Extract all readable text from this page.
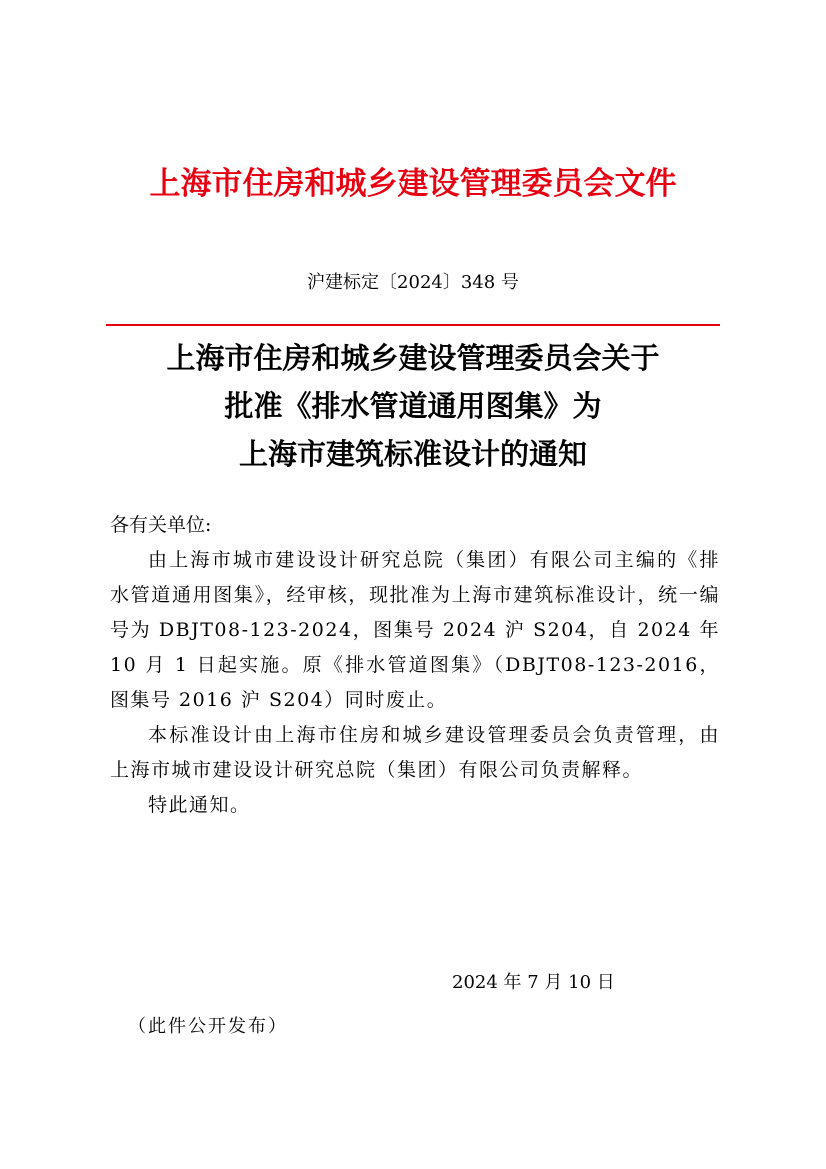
上海市住房和城乡建设管理委员会文件
沪建标定〔2024〕348 号
上海市住房和城乡建设管理委员会关于
批准《排水管道通用图集》为
上海市建筑标准设计的通知

各有关单位:

由上海市城市建设设计研究总院（集团）有限公司主编的《排水管道通用图集》，经审核，现批准为上海市建筑标准设计，统一编号为 DBJT08-123-2024，图集号 2024 沪 S204，自 2024 年 10 月 1 日起实施。原《排水管道图集》（DBJT08-123-2016，图集号 2016 沪 S204）同时废止。

本标准设计由上海市住房和城乡建设管理委员会负责管理，由上海市城市建设设计研究总院（集团）有限公司负责解释。

特此通知。

2024 年 7 月 10 日
（此件公开发布）
